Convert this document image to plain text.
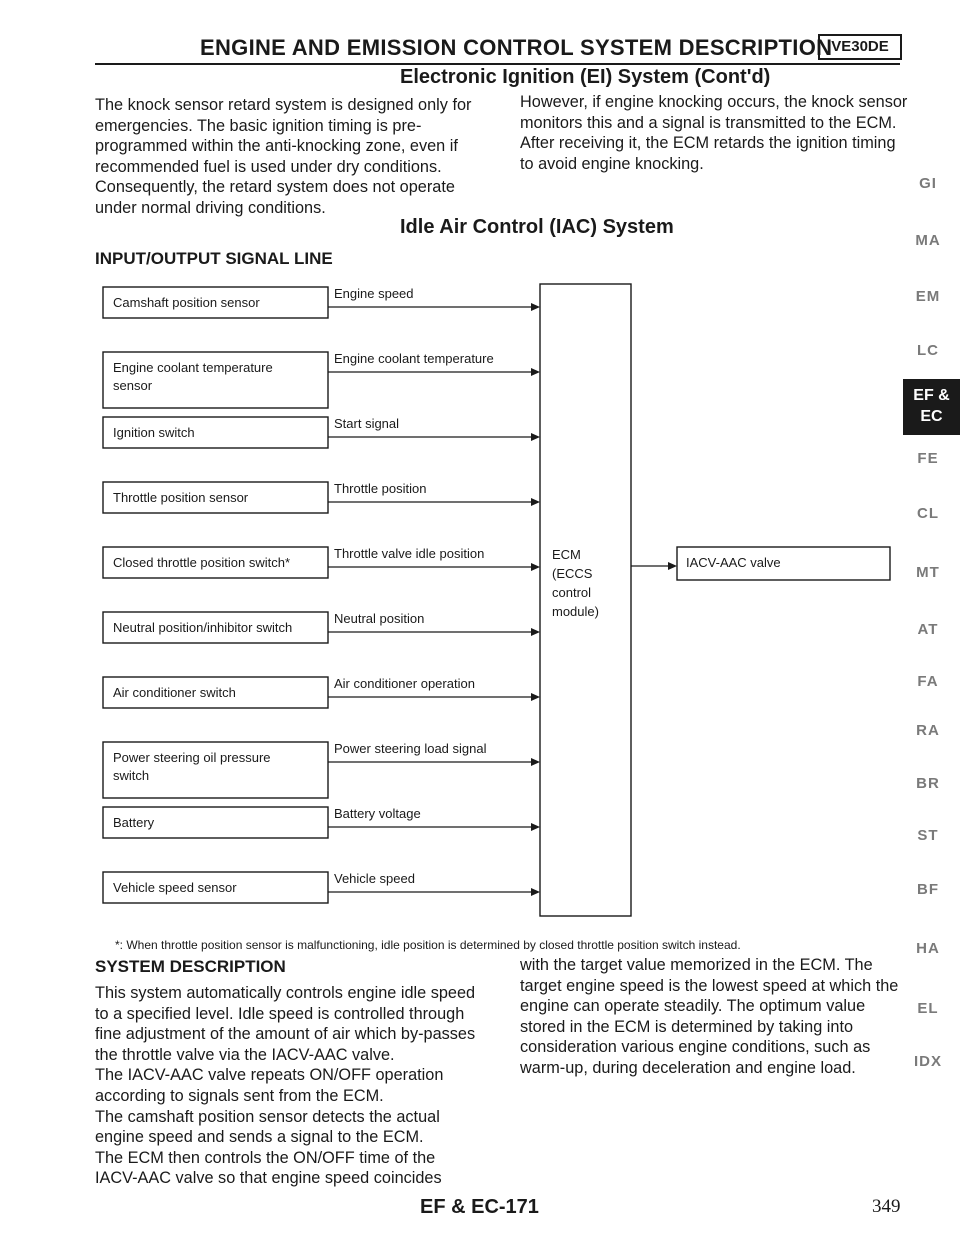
ENGINE AND EMISSION CONTROL SYSTEM DESCRIPTION
VE30DE
Electronic Ignition (EI) System (Cont'd)
The knock sensor retard system is designed only for emergencies. The basic ignition timing is pre-programmed within the anti-knocking zone, even if recommended fuel is used under dry conditions. Consequently, the retard system does not operate under normal driving conditions.
However, if engine knocking occurs, the knock sensor monitors this and a signal is transmitted to the ECM. After receiving it, the ECM retards the ignition timing to avoid engine knocking.
Idle Air Control (IAC) System
INPUT/OUTPUT SIGNAL LINE
Camshaft position sensor
Engine speed
Engine coolant temperature
sensor
Engine coolant temperature
Ignition switch
Start signal
Throttle position sensor
Throttle position
Closed throttle position switch*
Throttle valve idle position
Neutral position/inhibitor switch
Neutral position
Air conditioner switch
Air conditioner operation
Power steering oil pressure
switch
Power steering load signal
Battery
Battery voltage
Vehicle speed sensor
Vehicle speed
ECM
(ECCS
control
module)
IACV-AAC valve
*: When throttle position sensor is malfunctioning, idle position is determined by closed throttle position switch instead.
SYSTEM DESCRIPTION
This system automatically controls engine idle speed to a specified level. Idle speed is controlled through fine adjustment of the amount of air which by-passes the throttle valve via the IACV-AAC valve.
The IACV-AAC valve repeats ON/OFF operation according to signals sent from the ECM.
The camshaft position sensor detects the actual engine speed and sends a signal to the ECM.
The ECM then controls the ON/OFF time of the IACV-AAC valve so that engine speed coincides
with the target value memorized in the ECM. The target engine speed is the lowest speed at which the engine can operate steadily. The optimum value stored in the ECM is determined by taking into consideration various engine conditions, such as warm-up, during deceleration and engine load.
GI
MA
EM
LC
FE
CL
MT
AT
FA
RA
BR
ST
BF
HA
EL
IDX
EF &
EC
EF & EC-171	349
